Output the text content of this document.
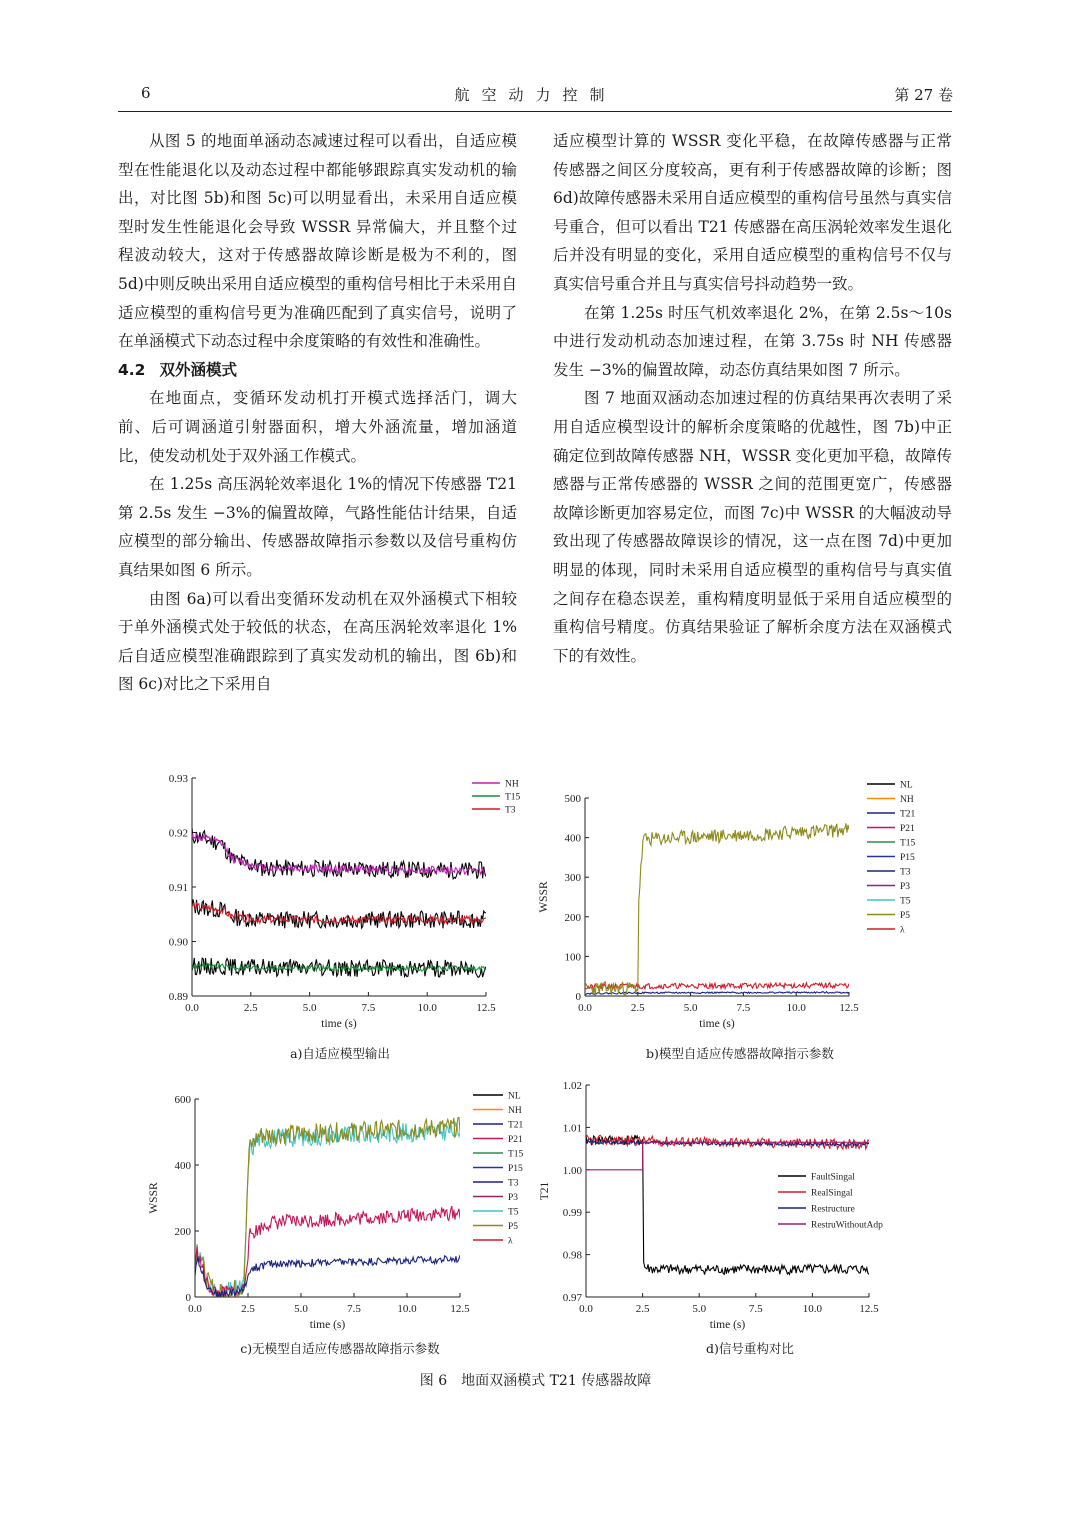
6	航空动力控制	第 27 卷

从图 5 的地面单涵动态减速过程可以看出，自适应模型在性能退化以及动态过程中都能够跟踪真实发动机的输出，对比图 5b)和图 5c)可以明显看出，未采用自适应模型时发生性能退化会导致 WSSR 异常偏大，并且整个过程波动较大，这对于传感器故障诊断是极为不利的，图 5d)中则反映出采用自适应模型的重构信号相比于未采用自适应模型的重构信号更为准确匹配到了真实信号，说明了在单涵模式下动态过程中余度策略的有效性和准确性。

4.2 双外涵模式

在地面点，变循环发动机打开模式选择活门，调大前、后可调涵道引射器面积，增大外涵流量，增加涵道比，使发动机处于双外涵工作模式。

在 1.25s 高压涡轮效率退化 1%的情况下传感器 T21 第 2.5s 发生 −3%的偏置故障，气路性能估计结果，自适应模型的部分输出、传感器故障指示参数以及信号重构仿真结果如图 6 所示。

由图 6a)可以看出变循环发动机在双外涵模式下相较于单外涵模式处于较低的状态，在高压涡轮效率退化 1%后自适应模型准确跟踪到了真实发动机的输出，图 6b)和图 6c)对比之下采用自

适应模型计算的 WSSR 变化平稳，在故障传感器与正常传感器之间区分度较高，更有利于传感器故障的诊断；图 6d)故障传感器未采用自适应模型的重构信号虽然与真实信号重合，但可以看出 T21 传感器在高压涡轮效率发生退化后并没有明显的变化，采用自适应模型的重构信号不仅与真实信号重合并且与真实信号抖动趋势一致。

在第 1.25s 时压气机效率退化 2%，在第 2.5s～10s 中进行发动机动态加速过程，在第 3.75s 时 NH 传感器发生 −3%的偏置故障，动态仿真结果如图 7 所示。

图 7 地面双涵动态加速过程的仿真结果再次表明了采用自适应模型设计的解析余度策略的优越性，图 7b)中正确定位到故障传感器 NH，WSSR 变化更加平稳，故障传感器与正常传感器的 WSSR 之间的范围更宽广，传感器故障诊断更加容易定位，而图 7c)中 WSSR 的大幅波动导致出现了传感器故障误诊的情况，这一点在图 7d)中更加明显的体现，同时未采用自适应模型的重构信号与真实值之间存在稳态误差，重构精度明显低于采用自适应模型的重构信号精度。仿真结果验证了解析余度方法在双涵模式下的有效性。

0.0	2.5	5.0	7.5	10.0	12.5
0.89
0.90
0.91
0.92
0.93
time (s)
NH
T15
T3
0.0	2.5	5.0	7.5	10.0	12.5
0
100
200
300
400
500
time (s)
WSSR
NL
NH
T21
P21
T15
P15
T3
P3
T5
P5
λ
0.0	2.5	5.0	7.5	10.0	12.5
0
200
400
600
time (s)
WSSR
NL
NH
T21
P21
T15
P15
T3
P3
T5
P5
λ
0.0	2.5	5.0	7.5	10.0	12.5
0.97
0.98
0.99
1.00
1.01
1.02
time (s)
T21
FaultSingal
RealSingal
Restructure
RestruWithoutAdp
a)自适应模型输出	b)模型自适应传感器故障指示参数
c)无模型自适应传感器故障指示参数	d)信号重构对比
图 6　地面双涵模式 T21 传感器故障
